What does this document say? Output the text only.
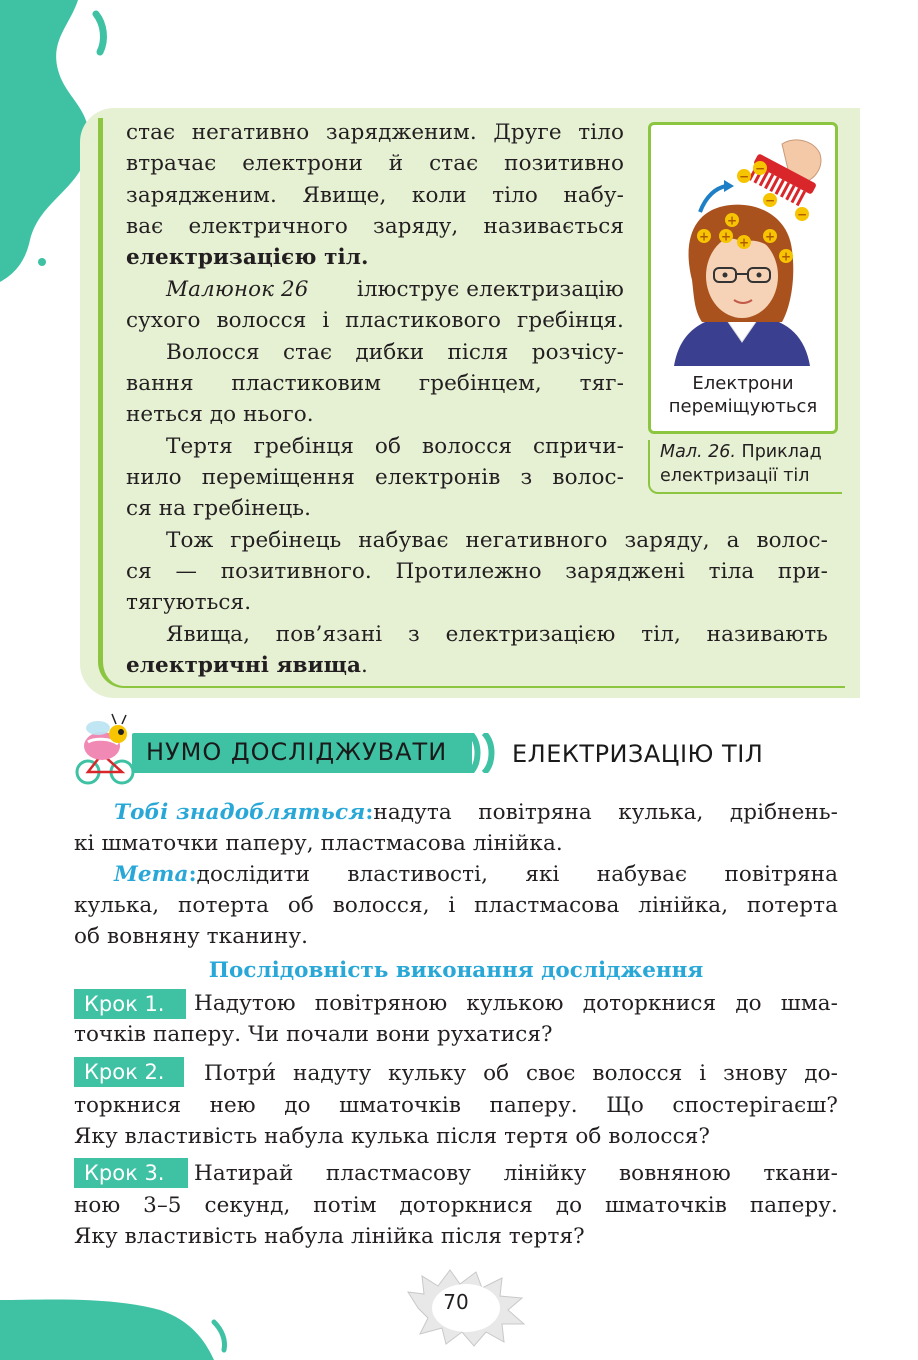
стає негативно зарядженим. Друге тіло
втрачає електрони й стає позитивно
зарядженим. Явище, коли тіло набу-
ває електричного заряду, називається
електризацією тіл.
Малюнок 26 ілюструє електризацію
сухого волосся і пластикового гребінця.
Волосся стає дибки після розчісу-
вання пластиковим гребінцем, тяг-
неться до нього.
Тертя гребінця об волосся спричи-
нило переміщення електронів з волос-
ся на гребінець.
Тож гребінець набуває негативного заряду, а волос-
ся — позитивного. Протилежно заряджені тіла при-
тягуються.
Явища, пов’язані з електризацією тіл, називають
електричні явища.
+
+ + + +
+
−
−
−
−
Електрони
переміщуються
Мал. 26. Приклад
електризації тіл
НУМО ДОСЛІДЖУВАТИ	ЕЛЕКТРИЗАЦІЮ ТІЛ
Тобі знадобляться : надута повітряна кулька, дрібнень-
кі шматочки паперу, пластмасова лінійка.
Мета : дослідити властивості, які набуває повітряна
кулька, потерта об волосся, і пластмасова лінійка, потерта
об вовняну тканину.
Послідовність виконання дослідження
Крок 1.	Надутою повітряною кулькою доторкнися до шма-
точків паперу. Чи почали вони рухатися?
Крок 2.	Потри́ надуту кульку об своє волосся і знову до-
торкнися нею до шматочків паперу. Що спостерігаєш?
Яку властивість набула кулька після тертя об волосся?
Крок 3.	Натирай пластмасову лінійку вовняною ткани-
ною 3–5 секунд, потім доторкнися до шматочків паперу.
Яку властивість набула лінійка після тертя?
70
